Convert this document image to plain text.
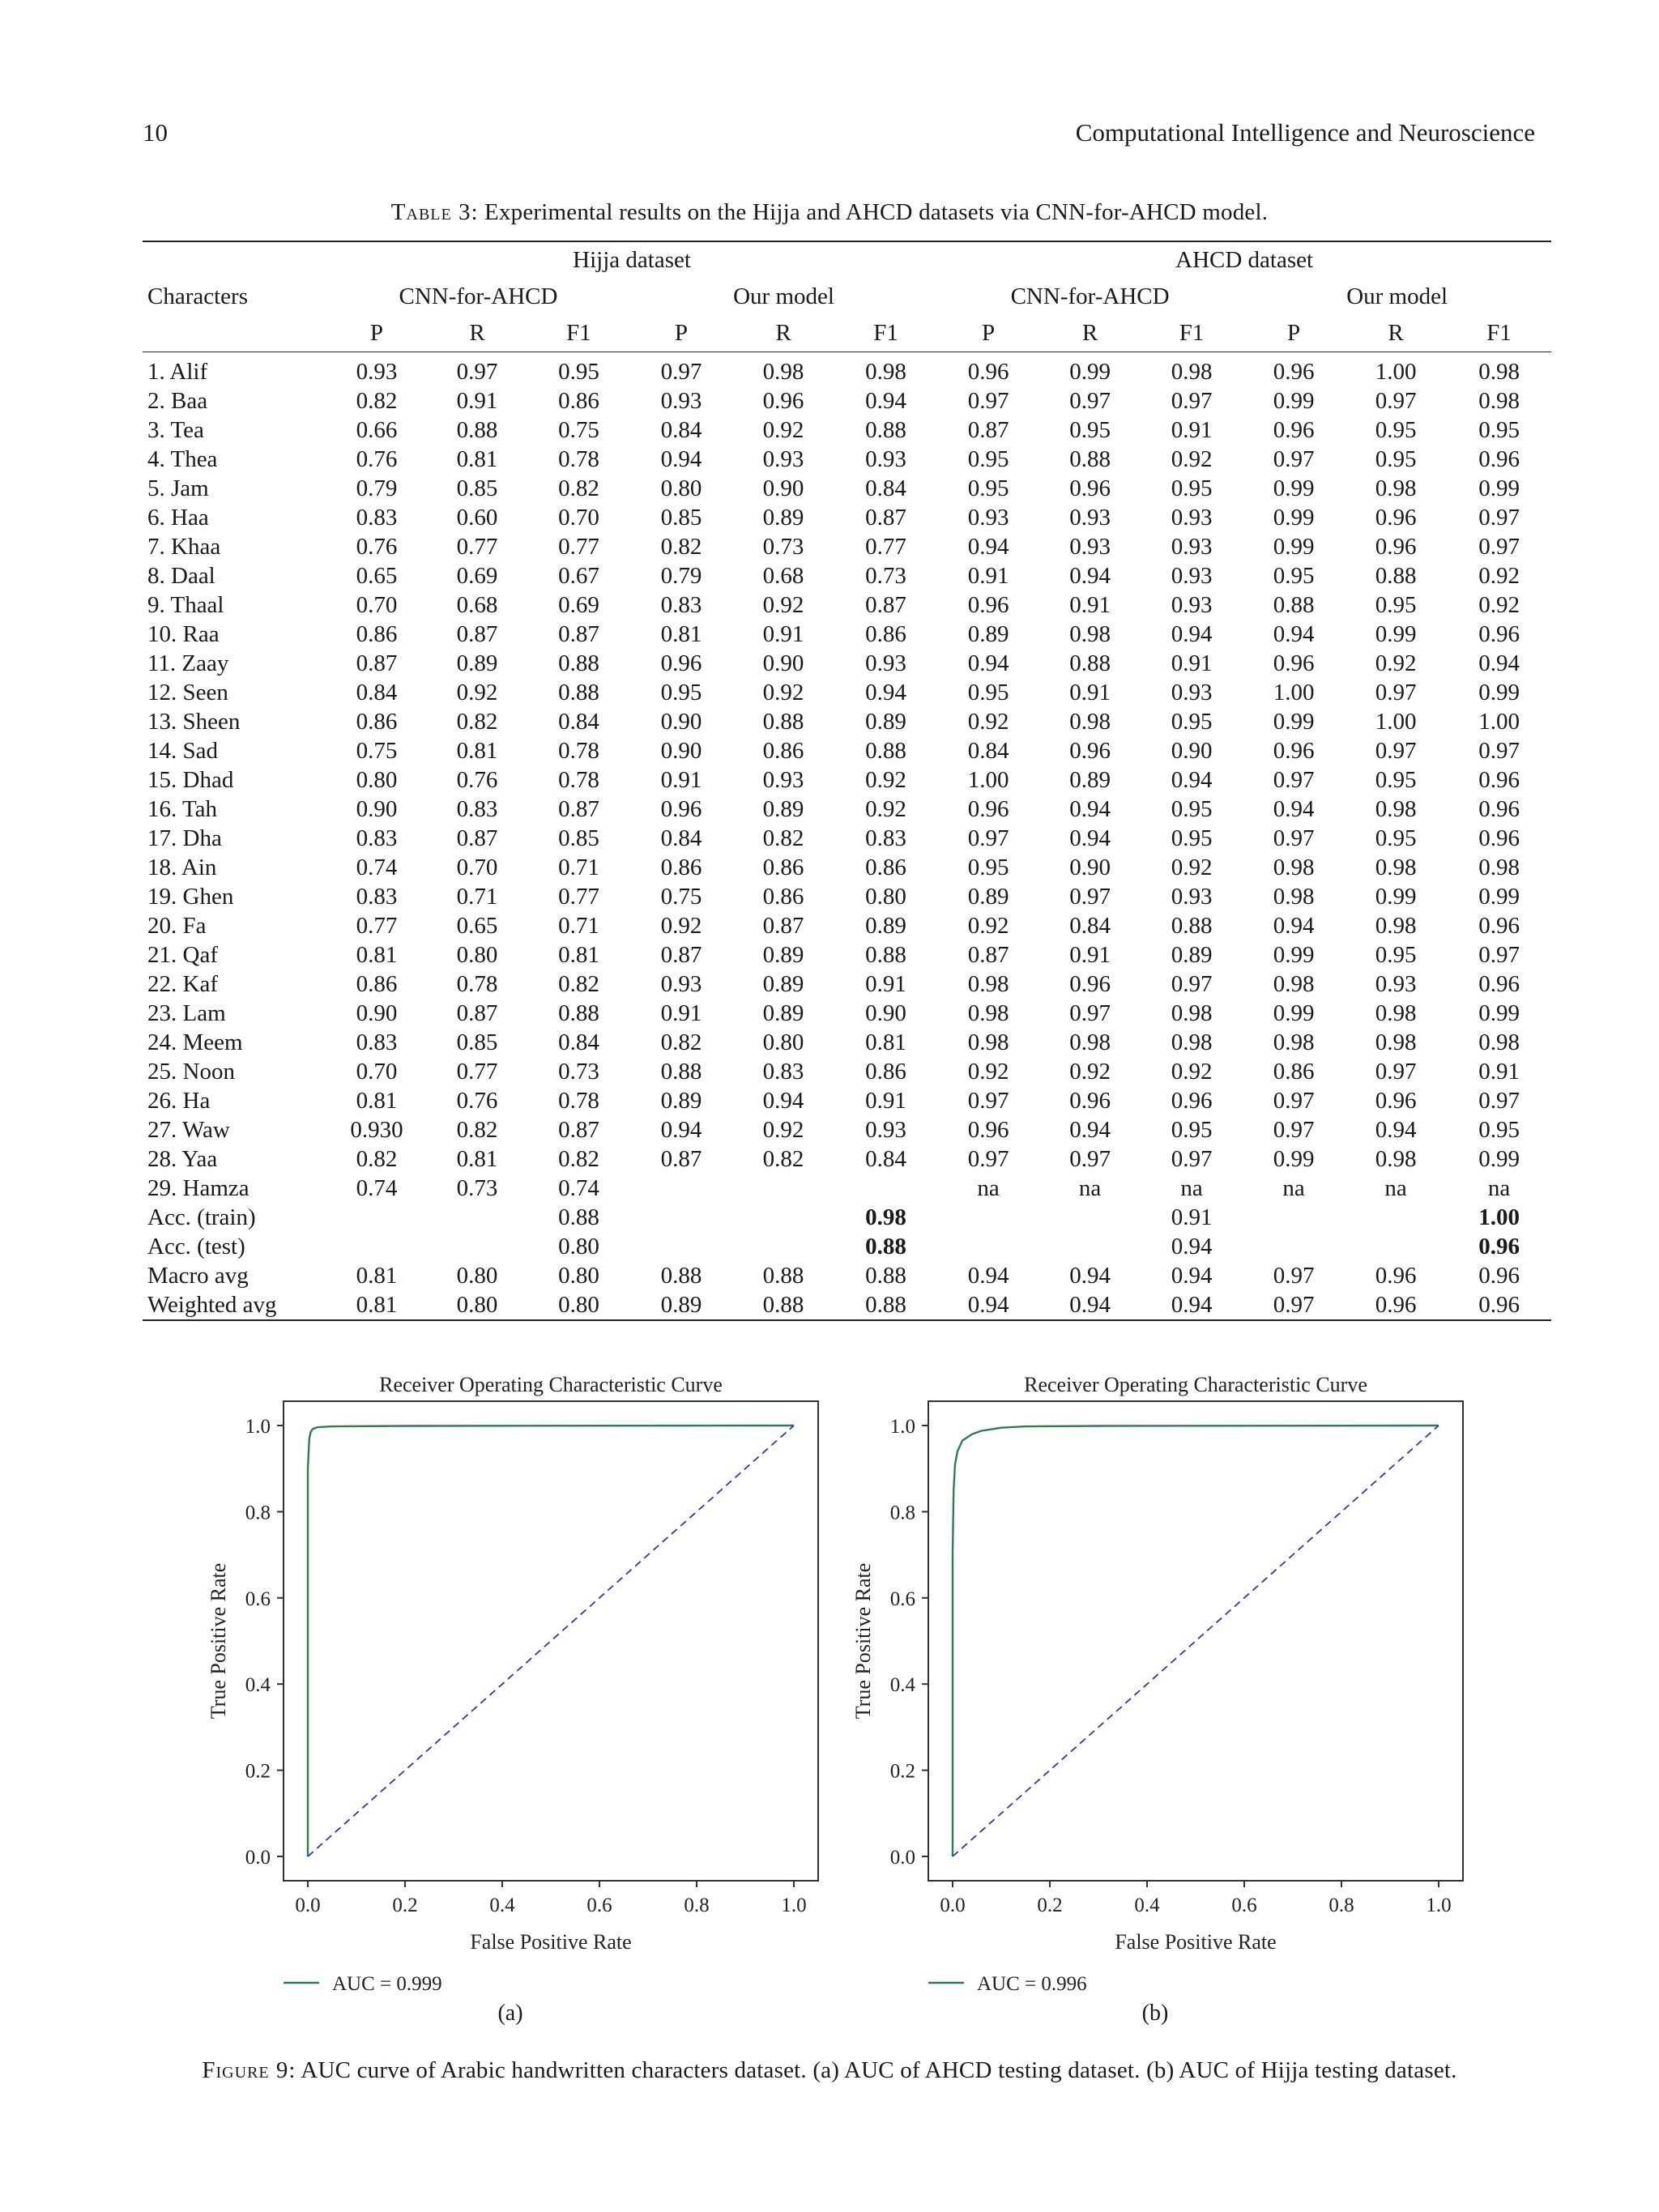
10	Computational Intelligence and Neuroscience
Table 3: Experimental results on the Hijja and AHCD datasets via CNN-for-AHCD model.
	Hijja dataset						AHCD dataset					
Characters	CNN-for-AHCD			Our model			CNN-for-AHCD			Our model		
	P	R	F1	P	R	F1	P	R	F1	P	R	F1
1. Alif	0.93	0.97	0.95	0.97	0.98	0.98	0.96	0.99	0.98	0.96	1.00	0.98
2. Baa	0.82	0.91	0.86	0.93	0.96	0.94	0.97	0.97	0.97	0.99	0.97	0.98
3. Tea	0.66	0.88	0.75	0.84	0.92	0.88	0.87	0.95	0.91	0.96	0.95	0.95
4. Thea	0.76	0.81	0.78	0.94	0.93	0.93	0.95	0.88	0.92	0.97	0.95	0.96
5. Jam	0.79	0.85	0.82	0.80	0.90	0.84	0.95	0.96	0.95	0.99	0.98	0.99
6. Haa	0.83	0.60	0.70	0.85	0.89	0.87	0.93	0.93	0.93	0.99	0.96	0.97
7. Khaa	0.76	0.77	0.77	0.82	0.73	0.77	0.94	0.93	0.93	0.99	0.96	0.97
8. Daal	0.65	0.69	0.67	0.79	0.68	0.73	0.91	0.94	0.93	0.95	0.88	0.92
9. Thaal	0.70	0.68	0.69	0.83	0.92	0.87	0.96	0.91	0.93	0.88	0.95	0.92
10. Raa	0.86	0.87	0.87	0.81	0.91	0.86	0.89	0.98	0.94	0.94	0.99	0.96
11. Zaay	0.87	0.89	0.88	0.96	0.90	0.93	0.94	0.88	0.91	0.96	0.92	0.94
12. Seen	0.84	0.92	0.88	0.95	0.92	0.94	0.95	0.91	0.93	1.00	0.97	0.99
13. Sheen	0.86	0.82	0.84	0.90	0.88	0.89	0.92	0.98	0.95	0.99	1.00	1.00
14. Sad	0.75	0.81	0.78	0.90	0.86	0.88	0.84	0.96	0.90	0.96	0.97	0.97
15. Dhad	0.80	0.76	0.78	0.91	0.93	0.92	1.00	0.89	0.94	0.97	0.95	0.96
16. Tah	0.90	0.83	0.87	0.96	0.89	0.92	0.96	0.94	0.95	0.94	0.98	0.96
17. Dha	0.83	0.87	0.85	0.84	0.82	0.83	0.97	0.94	0.95	0.97	0.95	0.96
18. Ain	0.74	0.70	0.71	0.86	0.86	0.86	0.95	0.90	0.92	0.98	0.98	0.98
19. Ghen	0.83	0.71	0.77	0.75	0.86	0.80	0.89	0.97	0.93	0.98	0.99	0.99
20. Fa	0.77	0.65	0.71	0.92	0.87	0.89	0.92	0.84	0.88	0.94	0.98	0.96
21. Qaf	0.81	0.80	0.81	0.87	0.89	0.88	0.87	0.91	0.89	0.99	0.95	0.97
22. Kaf	0.86	0.78	0.82	0.93	0.89	0.91	0.98	0.96	0.97	0.98	0.93	0.96
23. Lam	0.90	0.87	0.88	0.91	0.89	0.90	0.98	0.97	0.98	0.99	0.98	0.99
24. Meem	0.83	0.85	0.84	0.82	0.80	0.81	0.98	0.98	0.98	0.98	0.98	0.98
25. Noon	0.70	0.77	0.73	0.88	0.83	0.86	0.92	0.92	0.92	0.86	0.97	0.91
26. Ha	0.81	0.76	0.78	0.89	0.94	0.91	0.97	0.96	0.96	0.97	0.96	0.97
27. Waw	0.930	0.82	0.87	0.94	0.92	0.93	0.96	0.94	0.95	0.97	0.94	0.95
28. Yaa	0.82	0.81	0.82	0.87	0.82	0.84	0.97	0.97	0.97	0.99	0.98	0.99
29. Hamza	0.74	0.73	0.74				na	na	na	na	na	na
Acc. (train)			0.88			0.98			0.91			1.00
Acc. (test)			0.80			0.88			0.94			0.96
Macro avg	0.81	0.80	0.80	0.88	0.88	0.88	0.94	0.94	0.94	0.97	0.96	0.96
Weighted avg	0.81	0.80	0.80	0.89	0.88	0.88	0.94	0.94	0.94	0.97	0.96	0.96
Receiver Operating Characteristic Curve
0.0	0.2	0.4	0.6	0.8	1.0
0.0
0.2
0.4
0.6
0.8
1.0
False Positive Rate
True Positive Rate
AUC = 0.999
(a)
Receiver Operating Characteristic Curve
0.0	0.2	0.4	0.6	0.8	1.0
0.0
0.2
0.4
0.6
0.8
1.0
False Positive Rate
True Positive Rate
AUC = 0.996
(b)
Figure 9: AUC curve of Arabic handwritten characters dataset. (a) AUC of AHCD testing dataset. (b) AUC of Hijja testing dataset.
